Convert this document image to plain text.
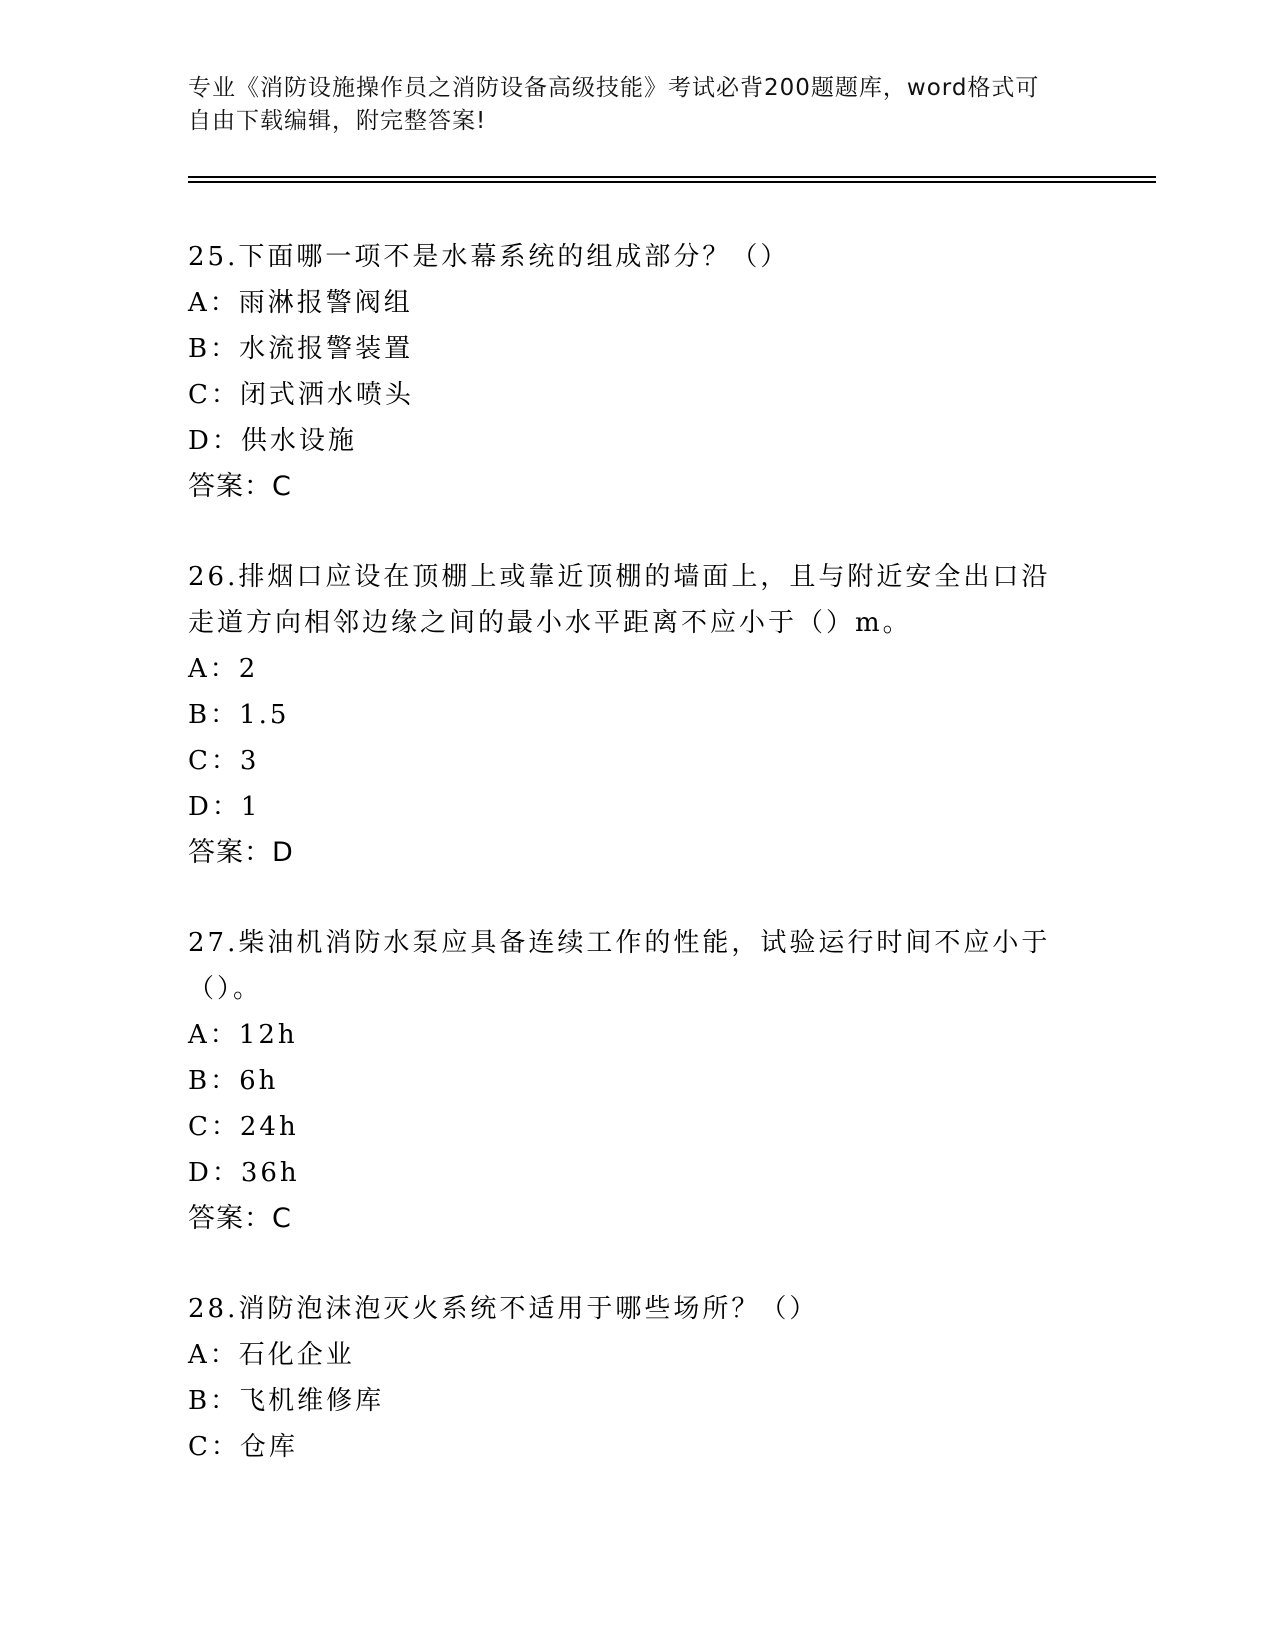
专业《消防设施操作员之消防设备高级技能》考试必背200题题库，word格式可
自由下载编辑，附完整答案!

25.下面哪一项不是水幕系统的组成部分？（）

A：雨淋报警阀组

B：水流报警装置

C：闭式洒水喷头

D：供水设施

答案：C

26.排烟口应设在顶棚上或靠近顶棚的墙面上，且与附近安全出口沿走道方向相邻边缘之间的最小水平距离不应小于（）m。

A：2

B：1.5

C：3

D：1

答案：D

27.柴油机消防水泵应具备连续工作的性能，试验运行时间不应小于（）。

A：12h

B：6h

C：24h

D：36h

答案：C

28.消防泡沫泡灭火系统不适用于哪些场所？（）

A：石化企业

B：飞机维修库

C：仓库
